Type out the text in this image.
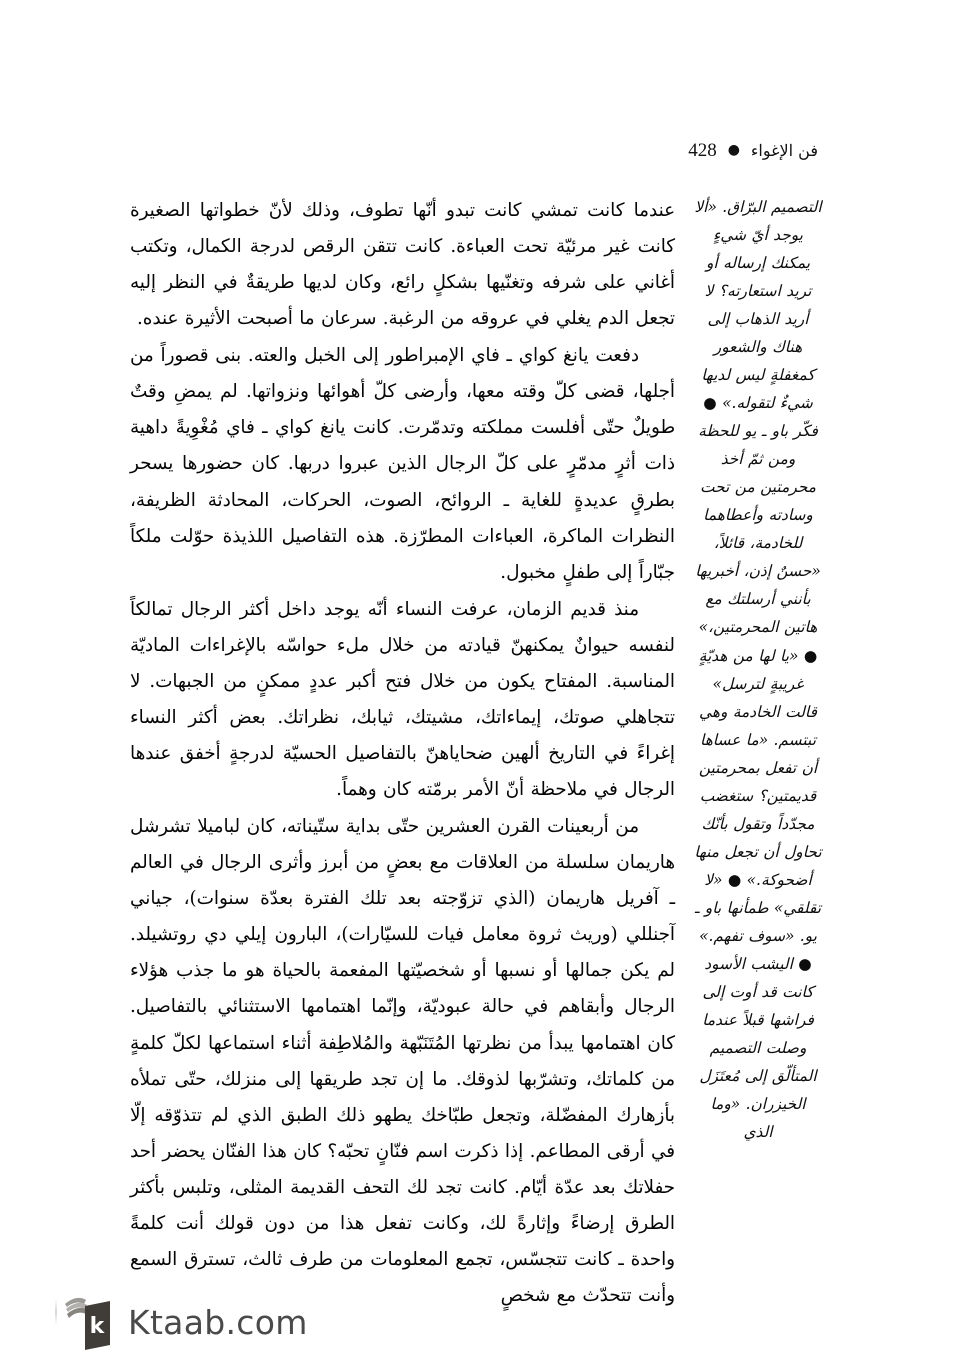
فن الإغواء
●
428
التصميم البرّاق. «ألا يوجد أيّ شيءٍ يمكنك إرساله أو تريد استعارته؟ لا أريد الذهاب إلى هناك والشعور كمغفلةٍ ليس لديها شيءٌ لتقوله.» ● فكّر باو ـ يو للحظة ومن ثمّ أخذ محرمتين من تحت وسادته وأعطاهما للخادمة، قائلاً، «حسنٌ إذن، أخبريها بأنني أرسلتك مع هاتين المحرمتين،» ● «يا لها من هديّةٍ غريبةٍ لترسل» قالت الخادمة وهي تبتسم. «ما عساها أن تفعل بمحرمتين قديمتين؟ ستغضب مجدّداً وتقول بأنّك تحاول أن تجعل منها أضحوكة.» ● «لا تقلقي» طمأنها باو ـ يو. «سوف تفهم.» ● اليشب الأسود كانت قد أوت إلى فراشها قبلاً عندما وصلت التصميم المتألّق إلى مُعتَزَل الخيزران. «وما الذي

عندما كانت تمشي كانت تبدو أنّها تطوف، وذلك لأنّ خطواتها الصغيرة كانت غير مرئيّة تحت العباءة. كانت تتقن الرقص لدرجة الكمال، وتكتب أغاني على شرفه وتغنّيها بشكلٍ رائع، وكان لديها طريقةٌ في النظر إليه تجعل الدم يغلي في عروقه من الرغبة. سرعان ما أصبحت الأثيرة عنده.

دفعت يانغ كواي ـ فاي الإمبراطور إلى الخبل والعته. بنى قصوراً من أجلها، قضى كلّ وقته معها، وأرضى كلّ أهوائها ونزواتها. لم يمضِ وقتٌ طويلٌ حتّى أفلست مملكته وتدمّرت. كانت يانغ كواي ـ فاي مُغْوِيةً داهية ذات أثرٍ مدمّرٍ على كلّ الرجال الذين عبروا دربها. كان حضورها يسحر بطرقٍ عديدةٍ للغاية ـ الروائح، الصوت، الحركات، المحادثة الظريفة، النظرات الماكرة، العباءات المطرّزة. هذه التفاصيل اللذيذة حوّلت ملكاً جبّاراً إلى طفلٍ مخبول.

منذ قديم الزمان، عرفت النساء أنّه يوجد داخل أكثر الرجال تمالكاً لنفسه حيوانٌ يمكنهنّ قيادته من خلال ملء حواسّه بالإغراءات الماديّة المناسبة. المفتاح يكون من خلال فتح أكبر عددٍ ممكنٍ من الجبهات. لا تتجاهلي صوتك، إيماءاتك، مشيتك، ثيابك، نظراتك. بعض أكثر النساء إغراءً في التاريخ ألهين ضحاياهنّ بالتفاصيل الحسيّة لدرجةٍ أخفق عندها الرجال في ملاحظة أنّ الأمر برمّته كان وهماً.

من أربعينات القرن العشرين حتّى بداية ستّيناته، كان لباميلا تشرشل هاريمان سلسلة من العلاقات مع بعضٍ من أبرز وأثرى الرجال في العالم ـ آفريل هاريمان (الذي تزوّجته بعد تلك الفترة بعدّة سنوات)، جياني آجنللي (وريث ثروة معامل فيات للسيّارات)، البارون إيلي دي روتشيلد. لم يكن جمالها أو نسبها أو شخصيّتها المفعمة بالحياة هو ما جذب هؤلاء الرجال وأبقاهم في حالة عبوديّة، وإنّما اهتمامها الاستثنائي بالتفاصيل. كان اهتمامها يبدأ من نظرتها المُتَنَبّهة والمُلاطِفة أثناء استماعها لكلّ كلمةٍ من كلماتك، وتشرّبها لذوقك. ما إن تجد طريقها إلى منزلك، حتّى تملأه بأزهارك المفضّلة، وتجعل طبّاخك يطهو ذلك الطبق الذي لم تتذوّقه إلّا في أرقى المطاعم. إذا ذكرت اسم فنّانٍ تحبّه؟ كان هذا الفنّان يحضر أحد حفلاتك بعد عدّة أيّام. كانت تجد لك التحف القديمة المثلى، وتلبس بأكثر الطرق إرضاءً وإثارةً لك، وكانت تفعل هذا من دون قولك أنت كلمةً واحدة ـ كانت تتجسّس، تجمع المعلومات من طرف ثالث، تسترق السمع وأنت تتحدّث مع شخصٍ

k Ktaab.com
